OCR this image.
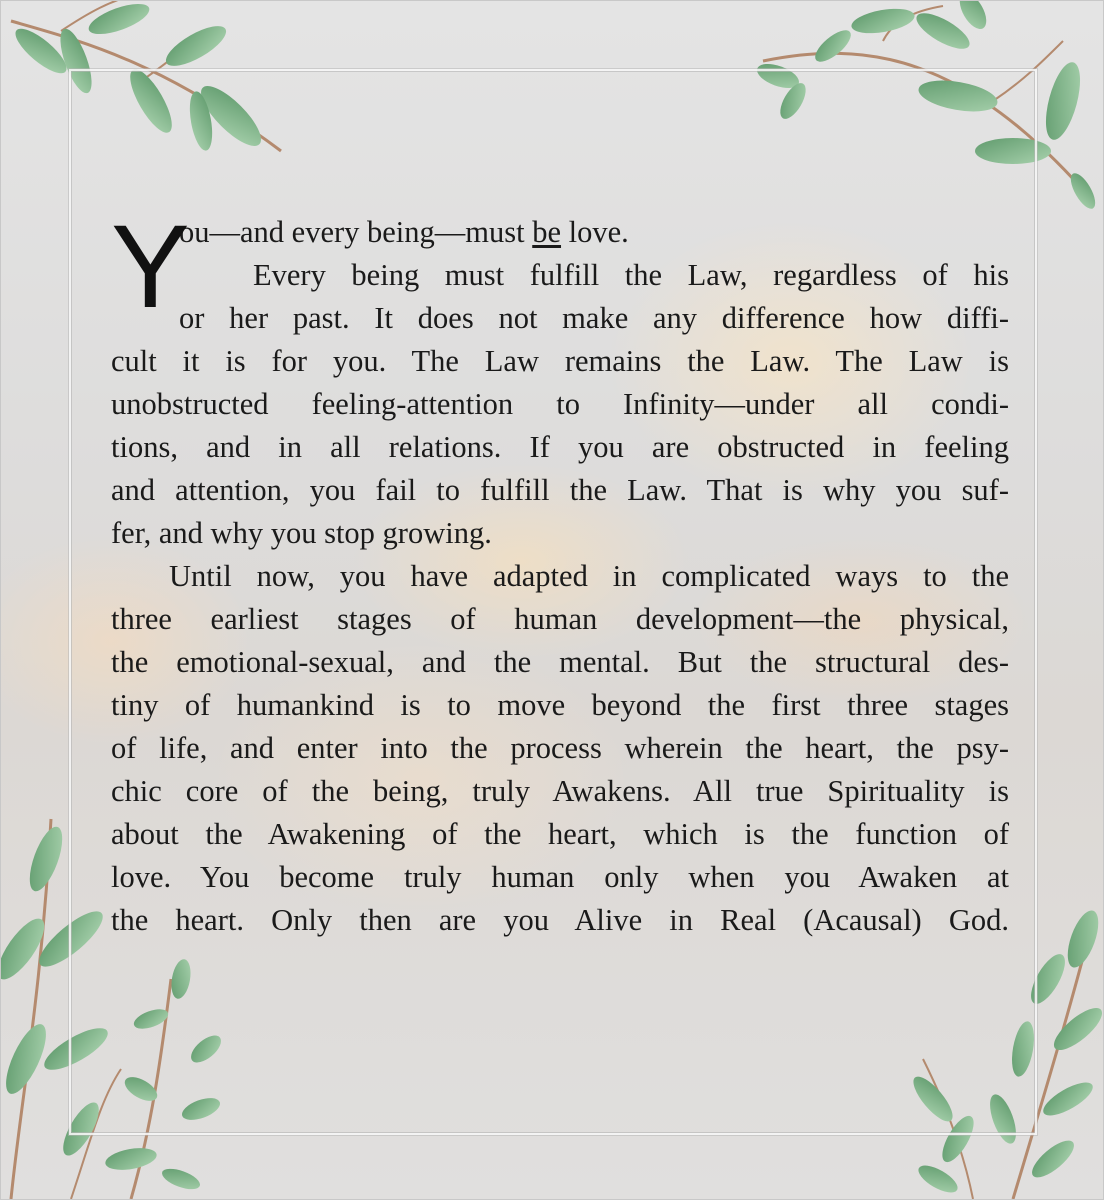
Y
ou—and every being—must be love.
Every being must fulfill the Law, regardless of his
or her past. It does not make any difference how diffi-
cult it is for you. The Law remains the Law. The Law is
unobstructed feeling-attention to Infinity—under all condi-
tions, and in all relations. If you are obstructed in feeling
and attention, you fail to fulfill the Law. That is why you suf-
fer, and why you stop growing.
Until now, you have adapted in complicated ways to the
three earliest stages of human development—the physical,
the emotional-sexual, and the mental. But the structural des-
tiny of humankind is to move beyond the first three stages
of life, and enter into the process wherein the heart, the psy-
chic core of the being, truly Awakens. All true Spirituality is
about the Awakening of the heart, which is the function of
love. You become truly human only when you Awaken at
the heart. Only then are you Alive in Real (Acausal) God.
